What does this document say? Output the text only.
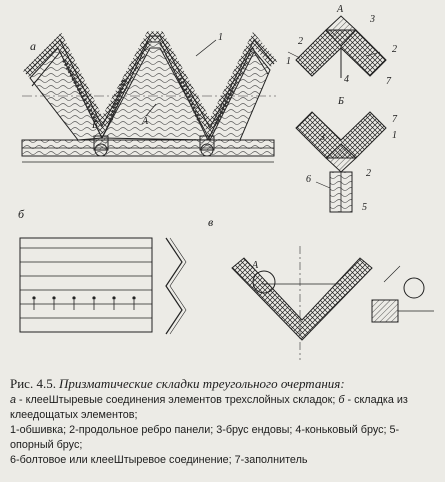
а
1
А
Б
А
3
2
1
4
2
7
Б
3
7
1
2
6
5
б
А
в
Рис. 4.5. Призматические складки треугольного очертания:
а - клееШтыревые соединения элементов трехслойных складок; б - складка из клеедощатых элементов;
1-обшивка; 2-продольное ребро панели; 3-брус ендовы; 4-коньковый брус; 5-опорный брус;
6-болтовое или клееШтыревое соединение; 7-заполнитель
